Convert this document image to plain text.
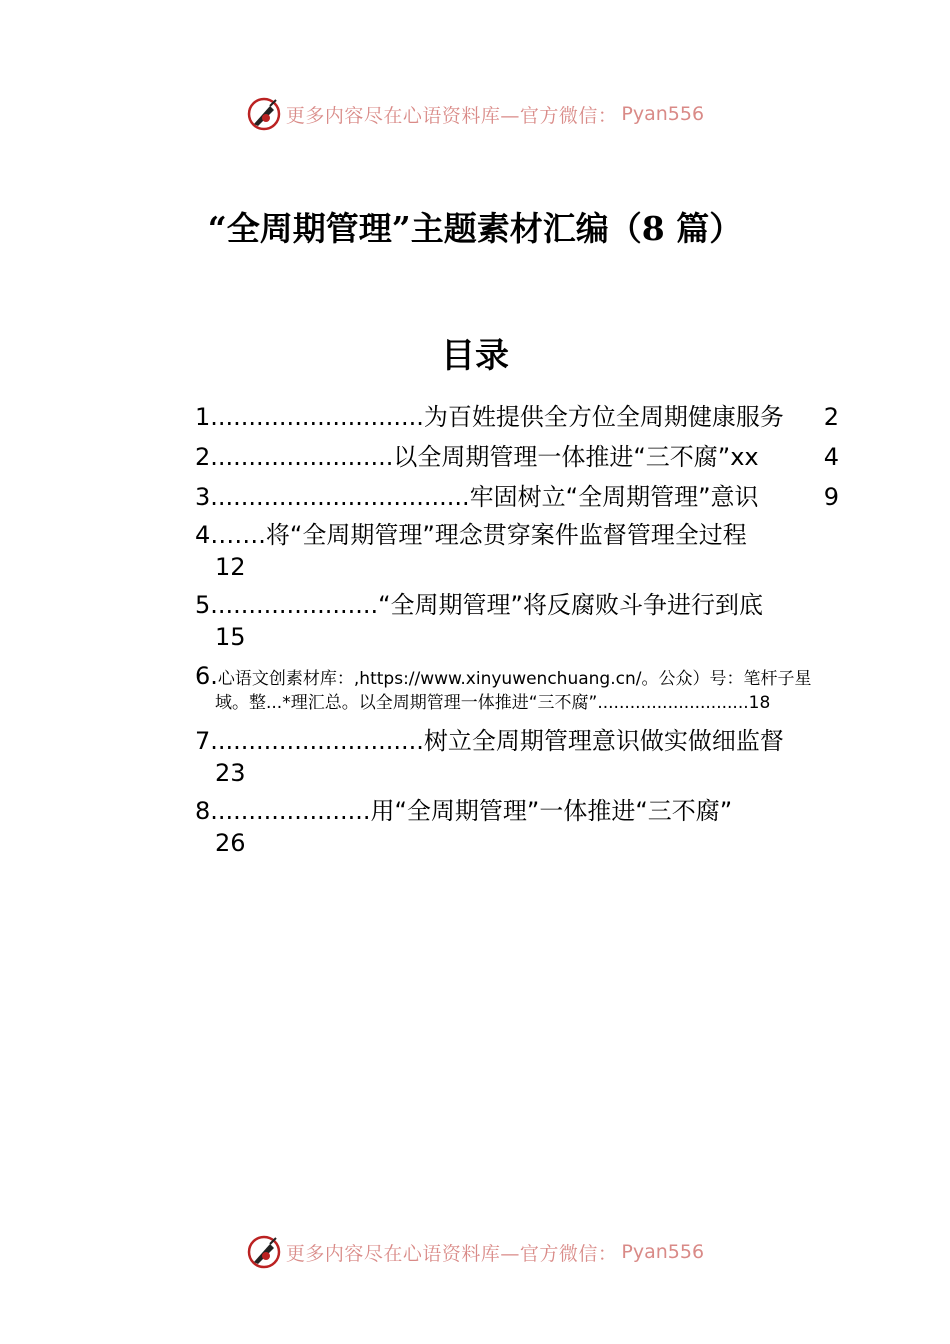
更多内容尽在心语资料库—官方微信： Pyan556
“全周期管理”主题素材汇编（8 篇）
目录
1............................为百姓提供全方位全周期健康服务 2
2........................以全周期管理一体推进“三不腐”xx	4
3..................................牢固树立“全周期管理”意识	9
4…….将“全周期管理”理念贯穿案件监督管理全过程
12
5......................“全周期管理”将反腐败斗争进行到底
15
6.心语文创素材库：,https://www.xinyuwenchuang.cn/。公众）号：笔杆子星
域。整...*理汇总。以全周期管理一体推进“三不腐”............................18
7............................树立全周期管理意识做实做细监督
23
8.....................用“全周期管理”一体推进“三不腐”
26
更多内容尽在心语资料库—官方微信： Pyan556
